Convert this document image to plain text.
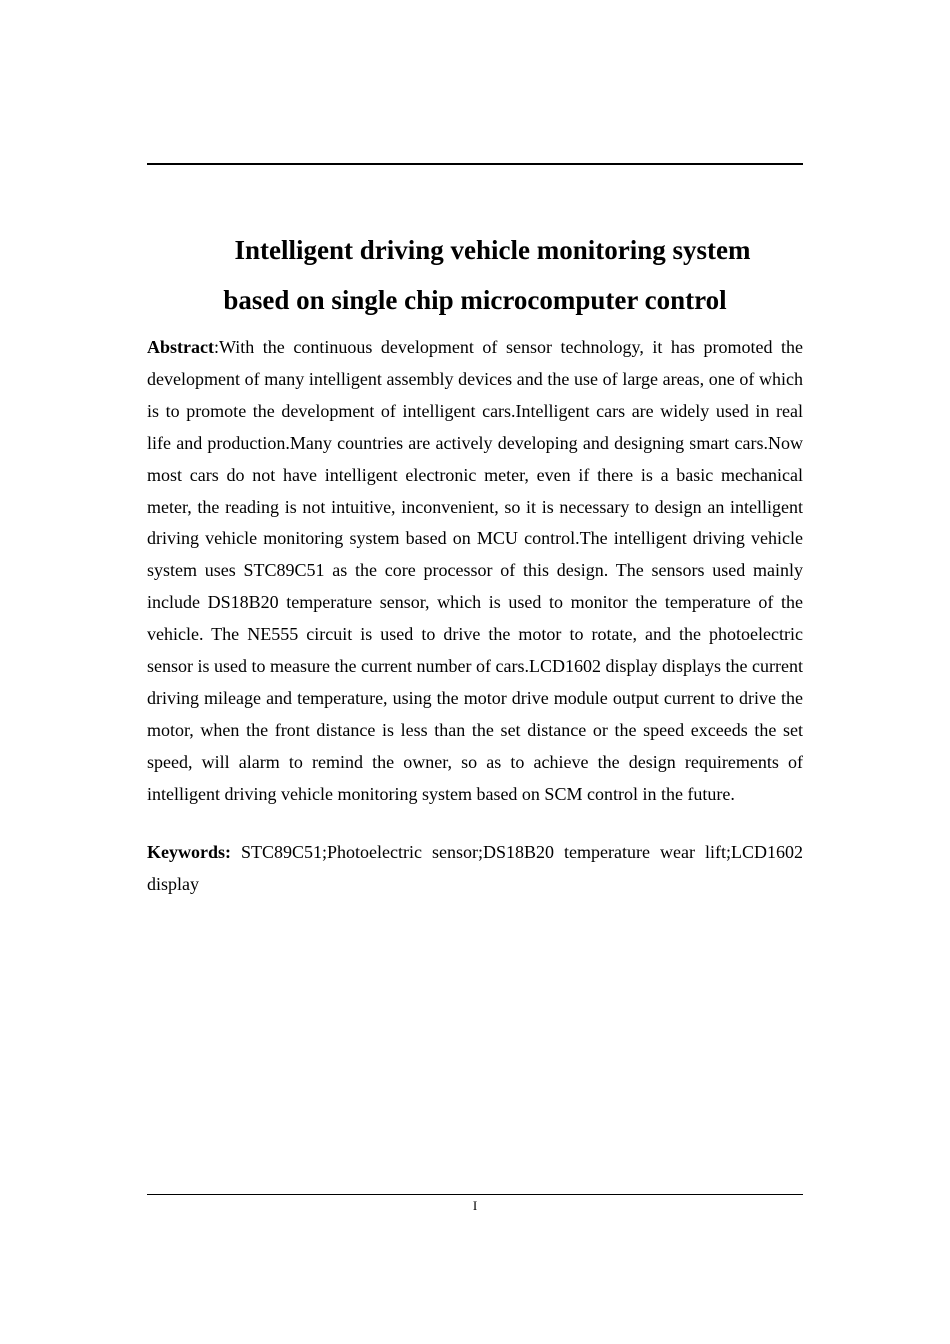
Intelligent driving vehicle monitoring system
based on single chip microcomputer control
Abstract:With the continuous development of sensor technology, it has promoted the development of many intelligent assembly devices and the use of large areas, one of which is to promote the development of intelligent cars.Intelligent cars are widely used in real life and production.Many countries are actively developing and designing smart cars.Now most cars do not have intelligent electronic meter, even if there is a basic mechanical meter, the reading is not intuitive, inconvenient, so it is necessary to design an intelligent driving vehicle monitoring system based on MCU control.The intelligent driving vehicle system uses STC89C51 as the core processor of this design. The sensors used mainly include DS18B20 temperature sensor, which is used to monitor the temperature of the vehicle. The NE555 circuit is used to drive the motor to rotate, and the photoelectric sensor is used to measure the current number of cars.LCD1602 display displays the current driving mileage and temperature, using the motor drive module output current to drive the motor, when the front distance is less than the set distance or the speed exceeds the set speed, will alarm to remind the owner, so as to achieve the design requirements of intelligent driving vehicle monitoring system based on SCM control in the future.
Keywords: STC89C51;Photoelectric sensor;DS18B20 temperature wear lift;LCD1602 display
I
